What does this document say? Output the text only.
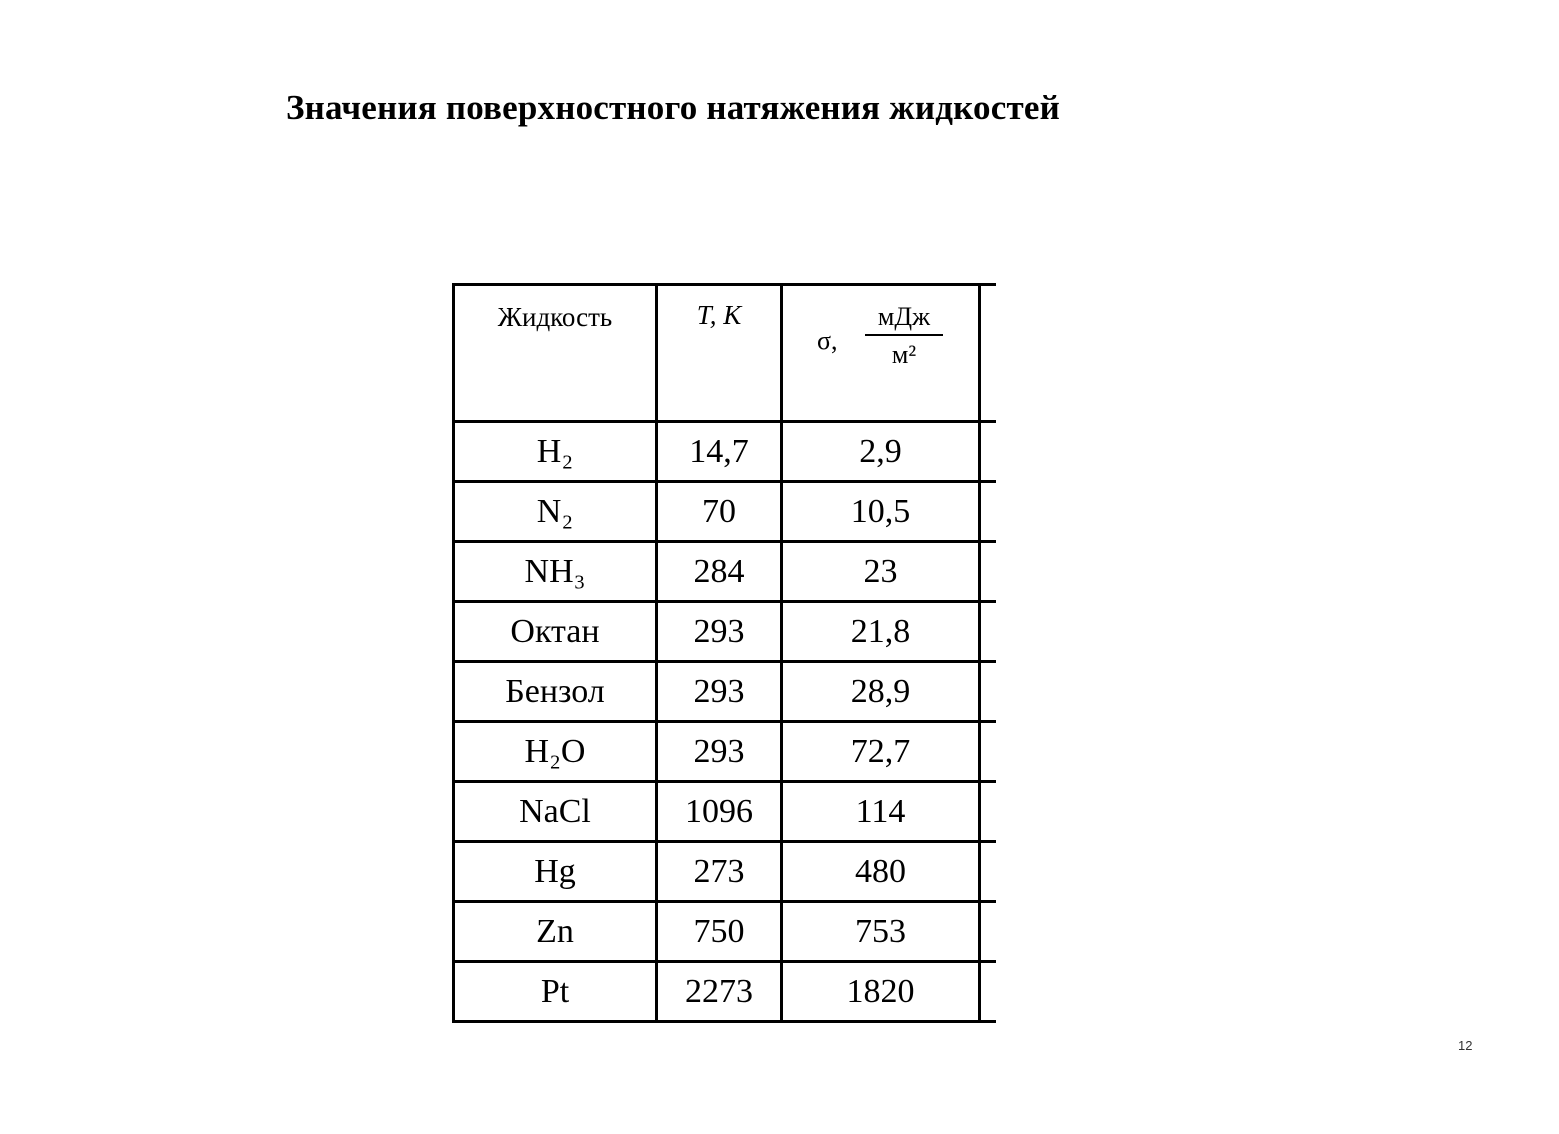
Значения поверхностного натяжения жидкостей
Жидкость	T, K	σ,
мДж
м²	

H₂	14,7	2,9	
N₂	70	10,5	
NH₃	284	23	
Октан	293	21,8	
Бензол	293	28,9	
H₂O	293	72,7	
NaCl	1096	114	
Hg	273	480	
Zn	750	753	
Pt	2273	1820	
12
